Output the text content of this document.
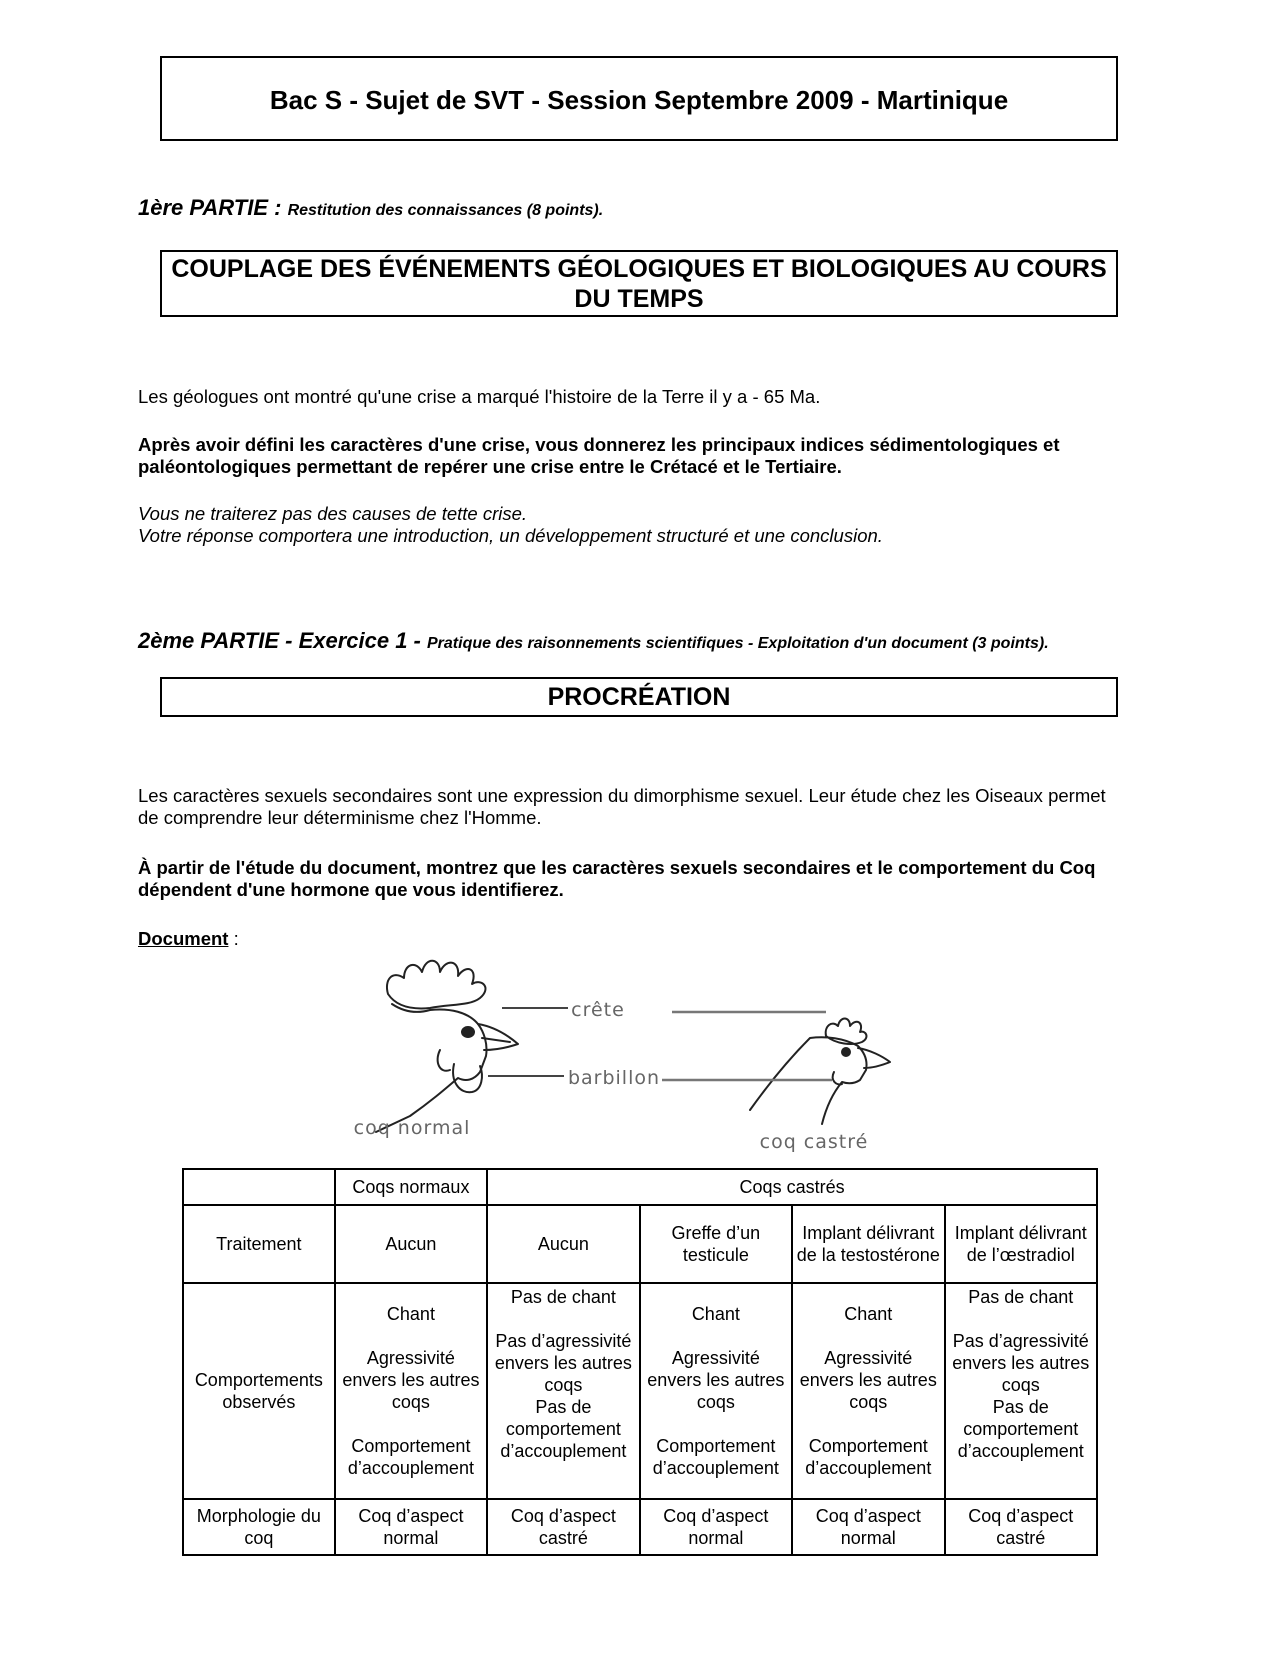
Bac S - Sujet de SVT - Session Septembre 2009 - Martinique
1ère PARTIE : Restitution des connaissances (8 points).
COUPLAGE DES ÉVÉNEMENTS GÉOLOGIQUES ET BIOLOGIQUES AU COURS DU TEMPS
Les géologues ont montré qu'une crise a marqué l'histoire de la Terre il y a - 65 Ma.
Après avoir défini les caractères d'une crise, vous donnerez les principaux indices sédimentologiques et paléontologiques permettant de repérer une crise entre le Crétacé et le Tertiaire.
Vous ne traiterez pas des causes de tette crise.
Votre réponse comportera une introduction, un développement structuré et une conclusion.
2ème PARTIE - Exercice 1 - Pratique des raisonnements scientifiques - Exploitation d'un document (3 points).
PROCRÉATION
Les caractères sexuels secondaires sont une expression du dimorphisme sexuel. Leur étude chez les Oiseaux permet de comprendre leur déterminisme chez l'Homme.
À partir de l'étude du document, montrez que les caractères sexuels secondaires et le comportement du Coq dépendent d'une hormone que vous identifierez.
Document :
crête
barbillon
coq normal
coq castré
	Coqs normaux	Coqs castrés			
Traitement	Aucun	Aucun	Greffe d’un testicule	Implant délivrant de la testostérone	Implant délivrant de l’œstradiol
Comportements observés	Chant
Agressivité envers les autres coqs
Comportement d’accouplement	Pas de chant
Pas d’agressivité envers les autres coqs
Pas de comportement d’accouplement	Chant
Agressivité envers les autres coqs
Comportement d’accouplement	Chant
Agressivité envers les autres coqs
Comportement d’accouplement	Pas de chant
Pas d’agressivité envers les autres coqs
Pas de comportement d’accouplement

Morphologie du coq	Coq d’aspect normal	Coq d’aspect castré	Coq d’aspect normal	Coq d’aspect normal	Coq d’aspect castré
